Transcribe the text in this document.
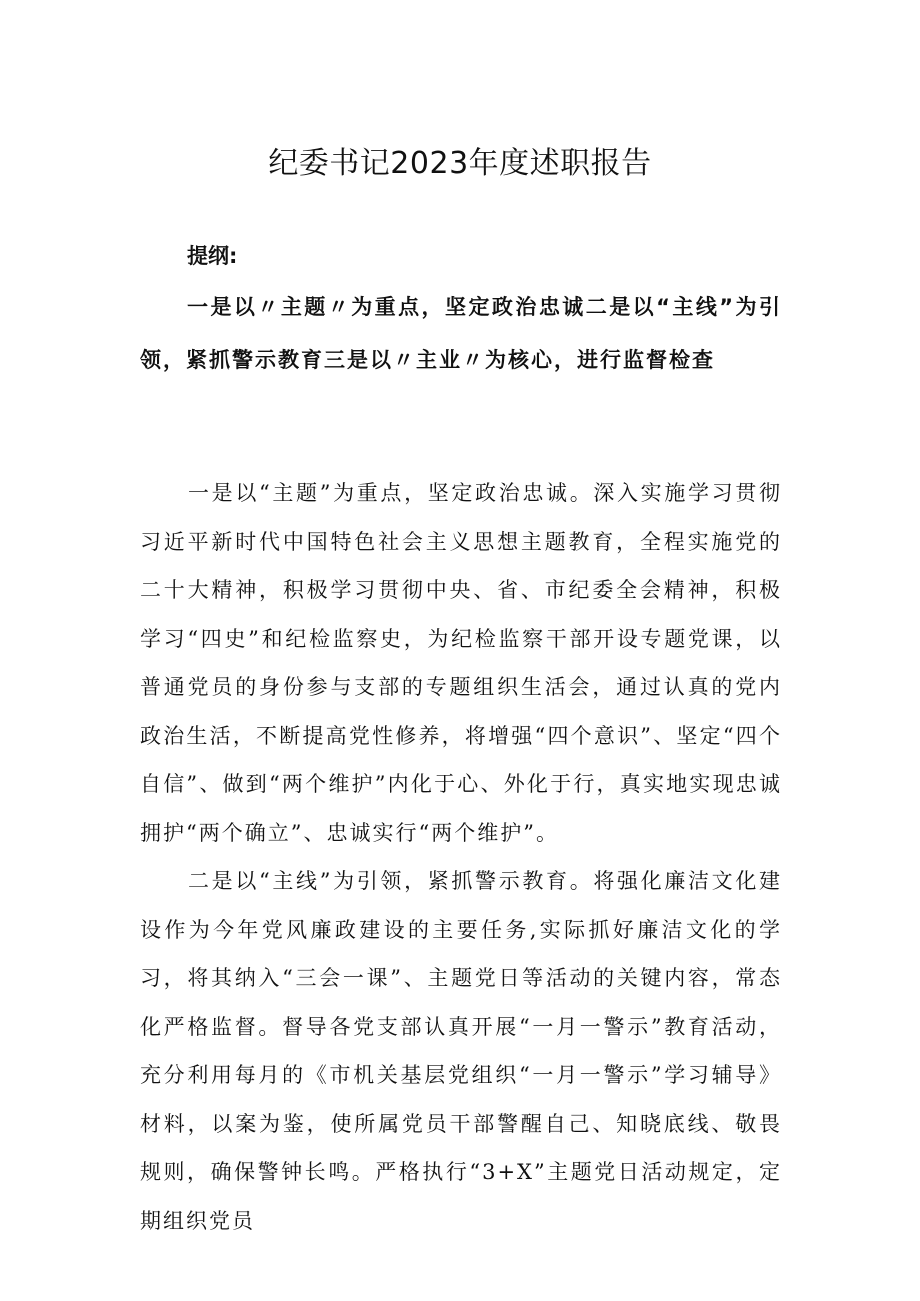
纪委书记2023年度述职报告

提纲:

一是以〃主题〃为重点，坚定政治忠诚二是以“主线”为引领，紧抓警示教育三是以〃主业〃为核心，进行监督检查

一是以“主题”为重点，坚定政治忠诚。深入实施学习贯彻习近平新时代中国特色社会主义思想主题教育，全程实施党的二十大精神，积极学习贯彻中央、省、市纪委全会精神，积极学习“四史”和纪检监察史，为纪检监察干部开设专题党课，以普通党员的身份参与支部的专题组织生活会，通过认真的党内政治生活，不断提高党性修养，将增强“四个意识”、坚定“四个自信”、做到“两个维护”内化于心、外化于行，真实地实现忠诚拥护“两个确立”、忠诚实行“两个维护”。

二是以“主线”为引领，紧抓警示教育。将强化廉洁文化建设作为今年党风廉政建设的主要任务,实际抓好廉洁文化的学习，将其纳入“三会一课”、主题党日等活动的关键内容，常态化严格监督。督导各党支部认真开展“一月一警示”教育活动，充分利用每月的《市机关基层党组织“一月一警示”学习辅导》材料，以案为鉴，使所属党员干部警醒自己、知晓底线、敬畏规则，确保警钟长鸣。严格执行“3+X”主题党日活动规定，定期组织党员
